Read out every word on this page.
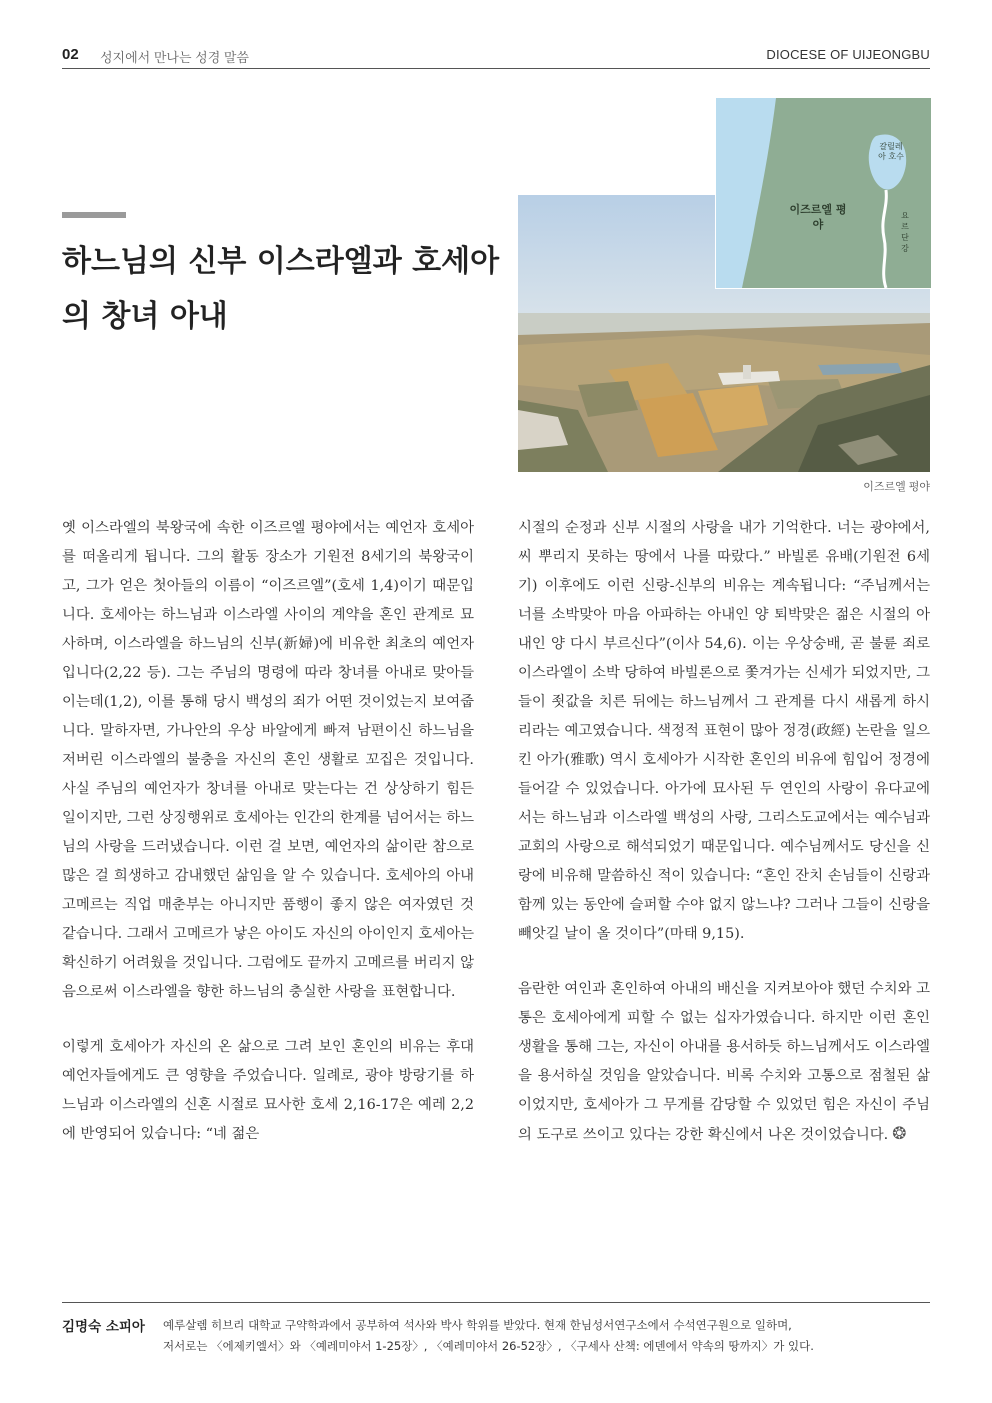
02 성지에서 만나는 성경 말씀	DIOCESE OF UIJEONGBU
하느님의 신부 이스라엘과 호세아의 창녀 아내
이즈르엘 평야
갈릴레아 호수
요르단강
이즈르엘 평야

옛 이스라엘의 북왕국에 속한 이즈르엘 평야에서는 예언자 호세아를 떠올리게 됩니다. 그의 활동 장소가 기원전 8세기의 북왕국이고, 그가 얻은 첫아들의 이름이 “이즈르엘”(호세 1,4)이기 때문입니다. 호세아는 하느님과 이스라엘 사이의 계약을 혼인 관계로 묘사하며, 이스라엘을 하느님의 신부(新婦)에 비유한 최초의 예언자입니다(2,22 등). 그는 주님의 명령에 따라 창녀를 아내로 맞아들이는데(1,2), 이를 통해 당시 백성의 죄가 어떤 것이었는지 보여줍니다. 말하자면, 가나안의 우상 바알에게 빠져 남편이신 하느님을 저버린 이스라엘의 불충을 자신의 혼인 생활로 꼬집은 것입니다. 사실 주님의 예언자가 창녀를 아내로 맞는다는 건 상상하기 힘든 일이지만, 그런 상징행위로 호세아는 인간의 한계를 넘어서는 하느님의 사랑을 드러냈습니다. 이런 걸 보면, 예언자의 삶이란 참으로 많은 걸 희생하고 감내했던 삶임을 알 수 있습니다. 호세아의 아내 고메르는 직업 매춘부는 아니지만 품행이 좋지 않은 여자였던 것 같습니다. 그래서 고메르가 낳은 아이도 자신의 아이인지 호세아는 확신하기 어려웠을 것입니다. 그럼에도 끝까지 고메르를 버리지 않음으로써 이스라엘을 향한 하느님의 충실한 사랑을 표현합니다.

이렇게 호세아가 자신의 온 삶으로 그려 보인 혼인의 비유는 후대 예언자들에게도 큰 영향을 주었습니다. 일례로, 광야 방랑기를 하느님과 이스라엘의 신혼 시절로 묘사한 호세 2,16-17은 예레 2,2에 반영되어 있습니다: “네 젊은

시절의 순정과 신부 시절의 사랑을 내가 기억한다. 너는 광야에서, 씨 뿌리지 못하는 땅에서 나를 따랐다.” 바빌론 유배(기원전 6세기) 이후에도 이런 신랑-신부의 비유는 계속됩니다: “주님께서는 너를 소박맞아 마음 아파하는 아내인 양 퇴박맞은 젊은 시절의 아내인 양 다시 부르신다”(이사 54,6). 이는 우상숭배, 곧 불륜 죄로 이스라엘이 소박 당하여 바빌론으로 쫓겨가는 신세가 되었지만, 그들이 죗값을 치른 뒤에는 하느님께서 그 관계를 다시 새롭게 하시리라는 예고였습니다. 색정적 표현이 많아 정경(政經) 논란을 일으킨 아가(雅歌) 역시 호세아가 시작한 혼인의 비유에 힘입어 정경에 들어갈 수 있었습니다. 아가에 묘사된 두 연인의 사랑이 유다교에서는 하느님과 이스라엘 백성의 사랑, 그리스도교에서는 예수님과 교회의 사랑으로 해석되었기 때문입니다. 예수님께서도 당신을 신랑에 비유해 말씀하신 적이 있습니다: “혼인 잔치 손님들이 신랑과 함께 있는 동안에 슬퍼할 수야 없지 않느냐? 그러나 그들이 신랑을 빼앗길 날이 올 것이다”(마태 9,15).

음란한 여인과 혼인하여 아내의 배신을 지켜보아야 했던 수치와 고통은 호세아에게 피할 수 없는 십자가였습니다. 하지만 이런 혼인 생활을 통해 그는, 자신이 아내를 용서하듯 하느님께서도 이스라엘을 용서하실 것임을 알았습니다. 비록 수치와 고통으로 점철된 삶이었지만, 호세아가 그 무게를 감당할 수 있었던 힘은 자신이 주님의 도구로 쓰이고 있다는 강한 확신에서 나온 것이었습니다. ❂

김명숙 소피아 예루살렘 히브리 대학교 구약학과에서 공부하여 석사와 박사 학위를 받았다. 현재 한님성서연구소에서 수석연구원으로 일하며,
저서로는 〈에제키엘서〉와 〈예레미야서 1-25장〉, 〈예레미야서 26-52장〉, 〈구세사 산책: 에덴에서 약속의 땅까지〉가 있다.
